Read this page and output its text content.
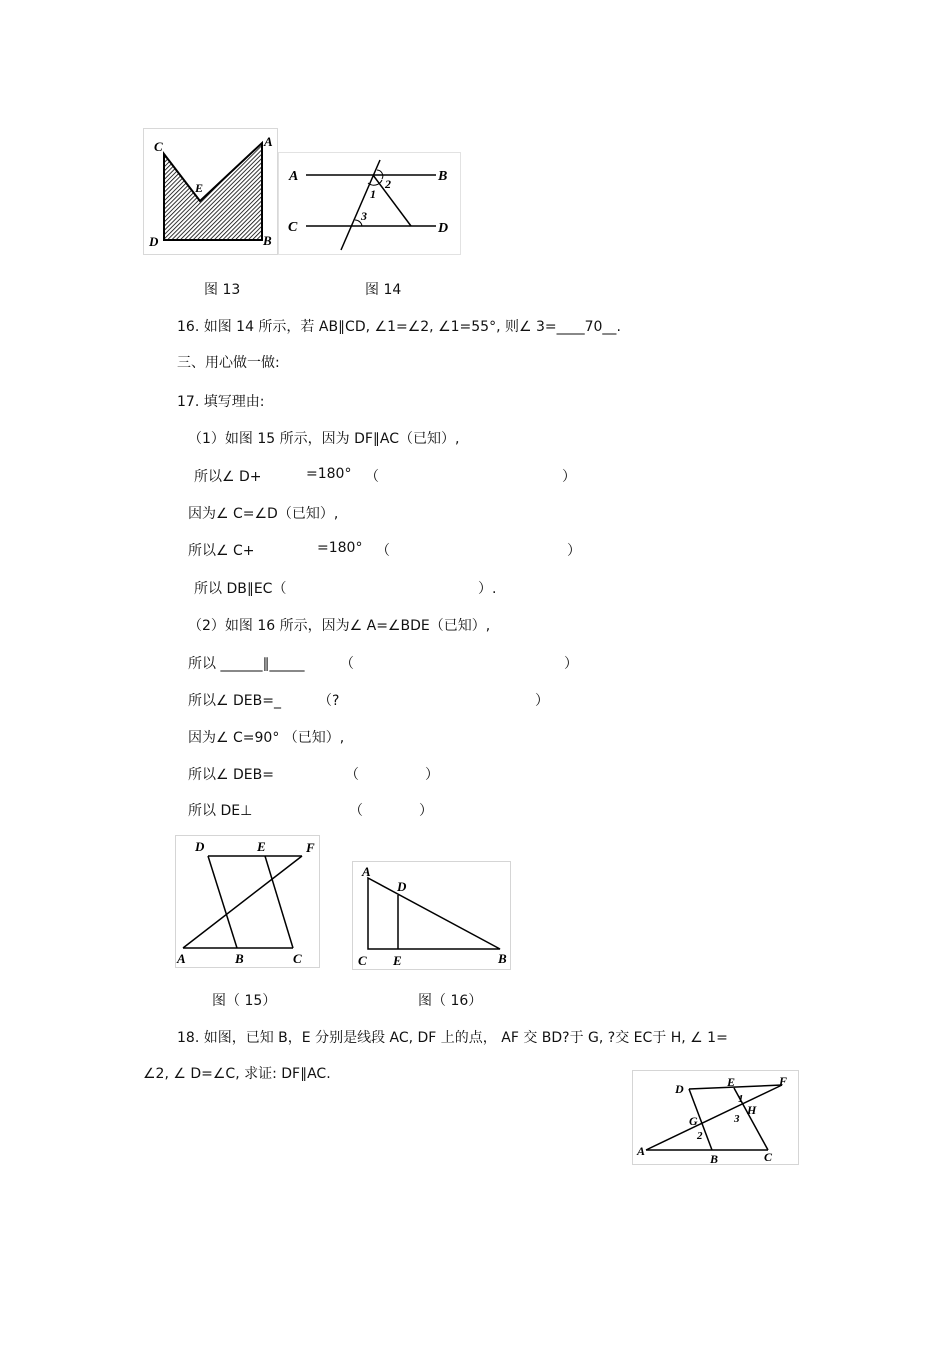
C	A
E
D	B
A	B
C	D
1
2
3
图 13	图 14
16. 如图 14 所示，若 AB∥CD, ∠1=∠2, ∠1=55°, 则∠ 3=____70__.
三、用心做一做:
17. 填写理由:
（1）如图 15 所示，因为 DF∥AC（已知）,
所以∠ D+	=180° （	）
因为∠ C=∠D（已知）,
所以∠ C+	=180° （	）
所以 DB∥EC（	）.
（2）如图 16 所示，因为∠ A=∠BDE（已知）,
所以 ______∥_____	（	）
所以∠ DEB=_	（?	）
因为∠ C=90° （已知）,
所以∠ DEB=	（	）
所以 DE⊥	（	）
D	E	F
A	B	C
A
D
C E	B
图（ 15）	图（ 16）
18. 如图，已知 B，E 分别是线段 AC, DF 上的点， AF 交 BD?于 G, ?交 EC于 H, ∠ 1=
∠2, ∠ D=∠C, 求证: DF∥AC.
D	E	F
1
H
3
G
2
A
B	C
